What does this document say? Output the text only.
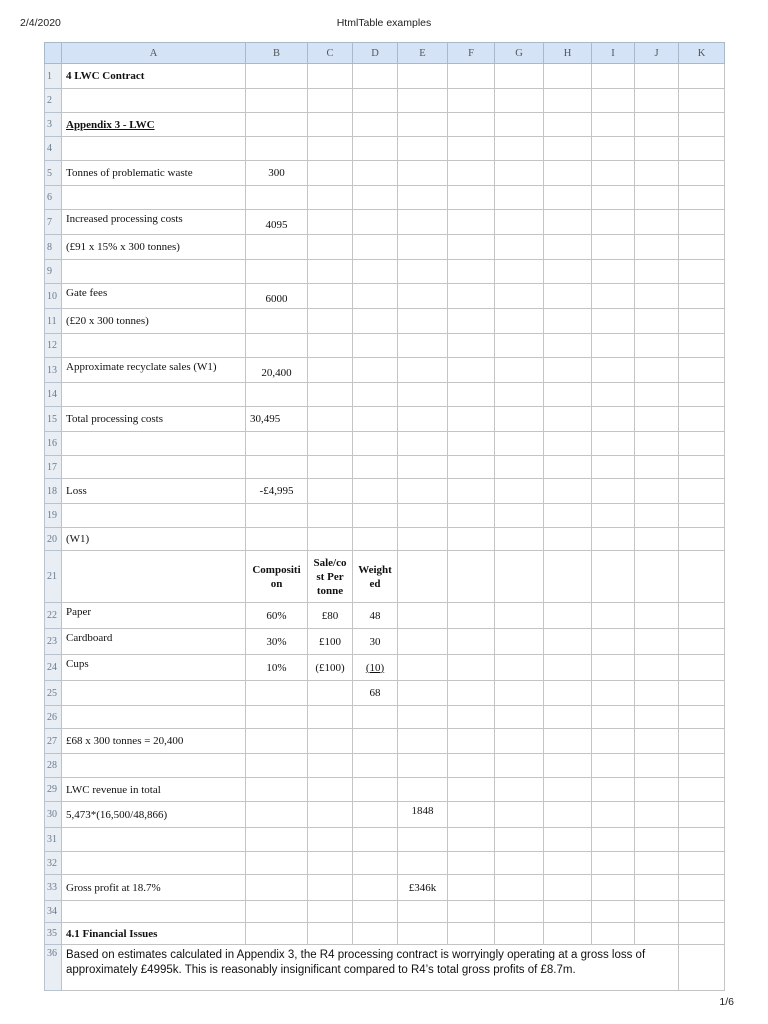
2/4/2020	HtmlTable examples
	A	B	C	D	E	F	G	H	I	J	K
1	4 LWC Contract										
2											
3	Appendix 3 - LWC										
4											
5	Tonnes of problematic waste	300									
6											
7	Increased processing costs	4095									
8	(£91 x 15% x 300 tonnes)										
9											
10	Gate fees	6000									
11	(£20 x 300 tonnes)										
12											
13	Approximate recyclate sales (W1)	20,400									
14											
15	Total processing costs	30,495									
16											
17											
18	Loss	-£4,995									
19											
20	(W1)										
21		Compositi on	Sale/co st Per tonne	Weight ed							
22	Paper	60%	£80	48							
23	Cardboard	30%	£100	30							
24	Cups	10%	(£100)	(10)							
25				68							
26											
27	£68 x 300 tonnes = 20,400										
28											
29	LWC revenue in total										
30	5,473*(16,500/48,866)				1848						
31											
32											
33	Gross profit at 18.7%				£346k						
34											
35	4.1 Financial Issues										
36	Based on estimates calculated in Appendix 3, the R4 processing contract is worryingly operating at a gross loss of approximately £4995k. This is reasonably insignificant compared to R4’s total gross profits of £8.7m.										
1/6
